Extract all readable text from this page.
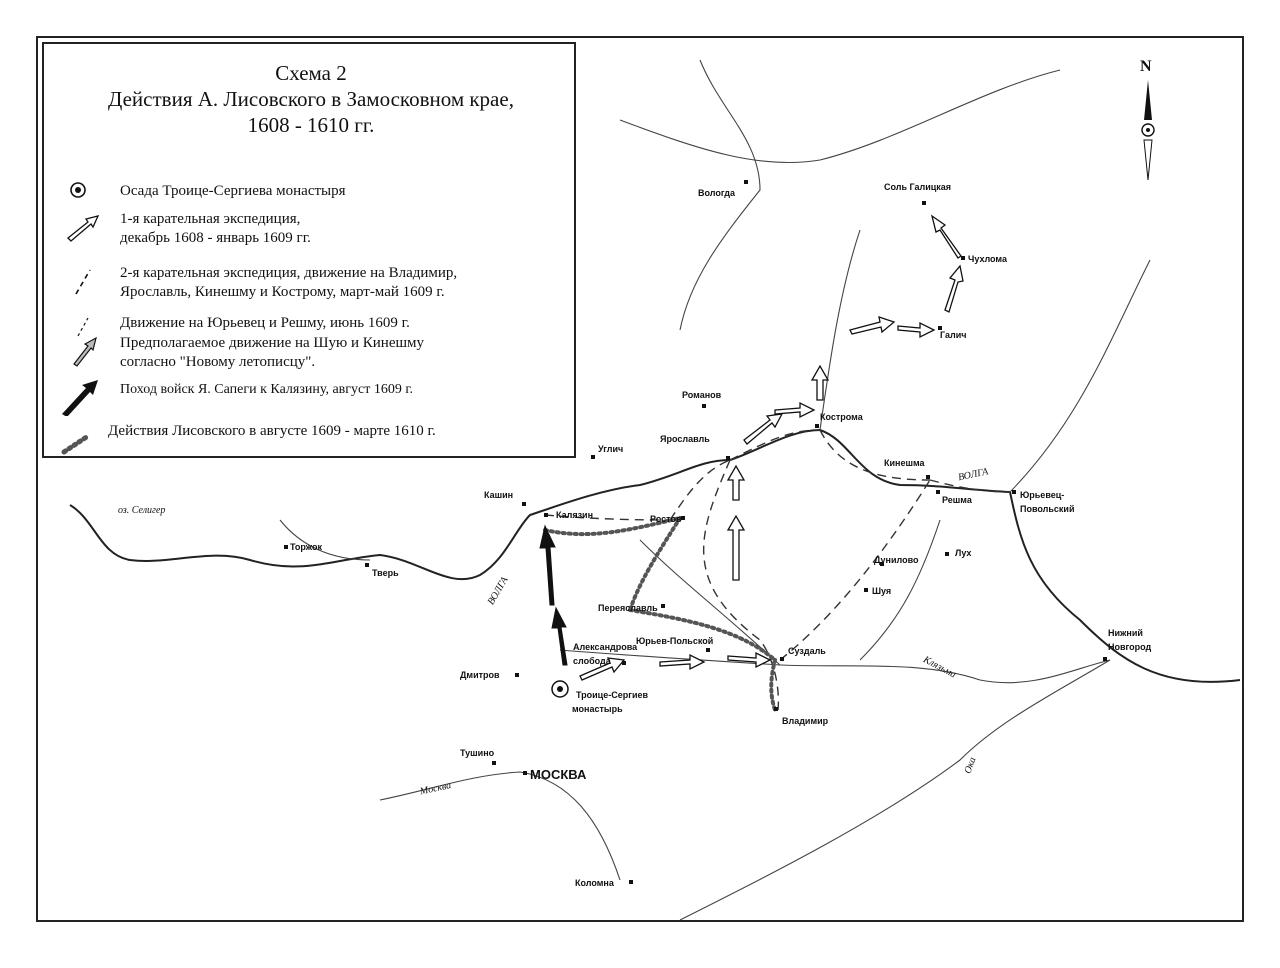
Вологда
Соль Галицкая
Чухлома
Галич
Романов
Кострома
Ярославль
Углич
Кинешма
Решма	Юрьевец-
Повольский
Кашин
Калязин	Ростов
Торжок
Тверь
Дунилово
Лух
Шуя
Переяславль
Александрова
слобода
Юрьев-Польской
Суздаль
Дмитров
Троице-Сергиев
монастырь
Владимир
Нижний
Новгород
Тушино
МОСКВА
Коломна
оз. Селигер
ВОЛГА
ВОЛГА
Клязьма
Ока
Москва
Схема 2
Действия А. Лисовского в Замосковном крае,
1608 - 1610 гг.
Осада Троице-Сергиева монастыря
1-я карательная экспедиция,
декабрь 1608 - январь 1609 гг.
2-я карательная экспедиция, движение на Владимир,
Ярославль, Кинешму и Кострому, март-май 1609 г.
Движение на Юрьевец и Решму, июнь 1609 г.
Предполагаемое движение на Шую и Кинешму
согласно "Новому летописцу".
Поход войск Я. Сапеги к Калязину, август 1609 г.
Действия Лисовского в августе 1609 - марте 1610 г.
N
